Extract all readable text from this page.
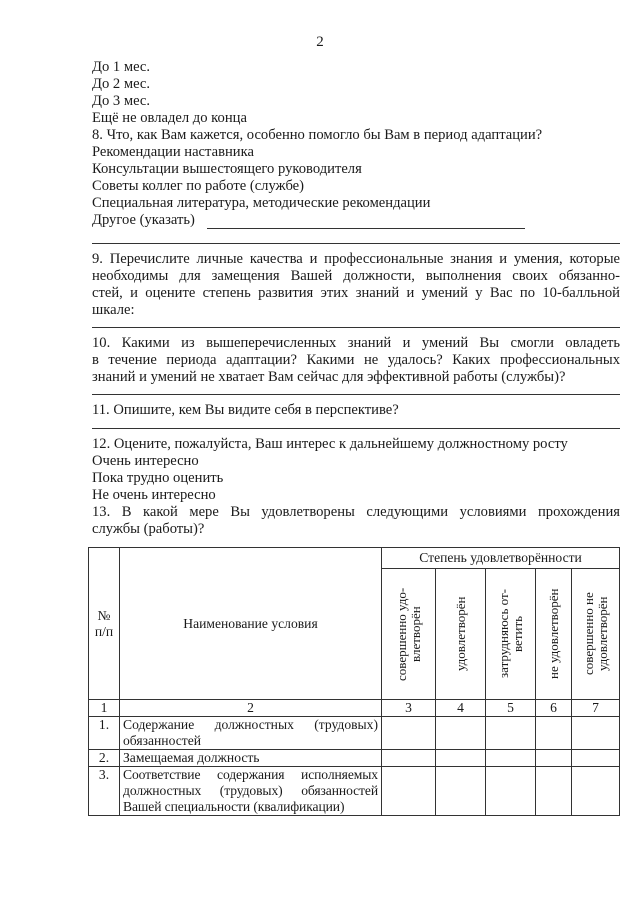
2
До 1 мес.
До 2 мес.
До 3 мес.
Ещё не овладел до конца
8. Что, как Вам кажется, особенно помогло бы Вам в период адаптации?
Рекомендации наставника
Консультации вышестоящего руководителя
Советы коллег по работе (службе)
Специальная литература, методические рекомендации
Другое (указать)
9. Перечислите личные качества и профессиональные знания и умения, которые
необходимы для замещения Вашей должности, выполнения своих обязанно-
стей, и оцените степень развития этих знаний и умений у Вас по 10-балльной
шкале:
10. Какими из вышеперечисленных знаний и умений Вы смогли овладеть
в течение периода адаптации? Какими не удалось? Каких профессиональных
знаний и умений не хватает Вам сейчас для эффективной работы (службы)?
11. Опишите, кем Вы видите себя в перспективе?
12. Оцените, пожалуйста, Ваш интерес к дальнейшему должностному росту
Очень интересно
Пока трудно оценить
Не очень интересно
13. В какой мере Вы удовлетворены следующими условиями прохождения
службы (работы)?
№ п/п	Наименование условия	Степень удовлетворённости				

		совершенно удо-влетворён	удовлетворён	затрудняюсь от-ветить	не удовлетворён	совершенно не удовлетворён

1	2	3	4	5	6	7
1.	Содержание должностных (трудовых) обязанностей					
2.	Замещаемая должность					
3.	Соответствие содержания исполняемых должностных (трудовых) обязанностей Вашей специальности (квалификации)					
